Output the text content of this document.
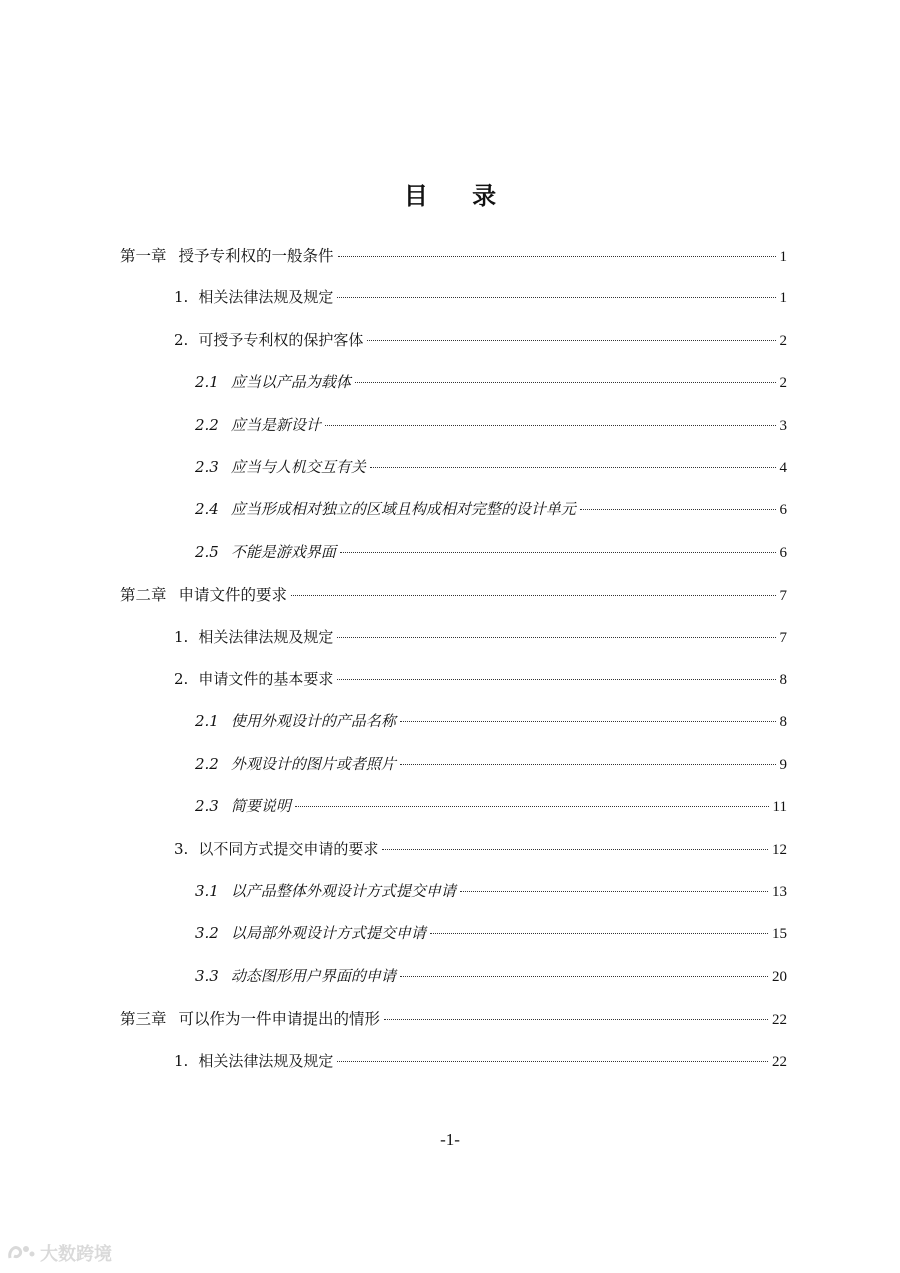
目 录
第一章 授予专利权的一般条件	1
1. 相关法律法规及规定	1
2. 可授予专利权的保护客体	2
2.1 应当以产品为载体	2
2.2 应当是新设计	3
2.3 应当与人机交互有关	4
2.4 应当形成相对独立的区域且构成相对完整的设计单元	6
2.5 不能是游戏界面	6
第二章 申请文件的要求	7
1. 相关法律法规及规定	7
2. 申请文件的基本要求	8
2.1 使用外观设计的产品名称	8
2.2 外观设计的图片或者照片	9
2.3 简要说明	11
3. 以不同方式提交申请的要求	12
3.1 以产品整体外观设计方式提交申请	13
3.2 以局部外观设计方式提交申请	15
3.3 动态图形用户界面的申请	20
第三章 可以作为一件申请提出的情形	22
1. 相关法律法规及规定	22
-1-
大数跨境
